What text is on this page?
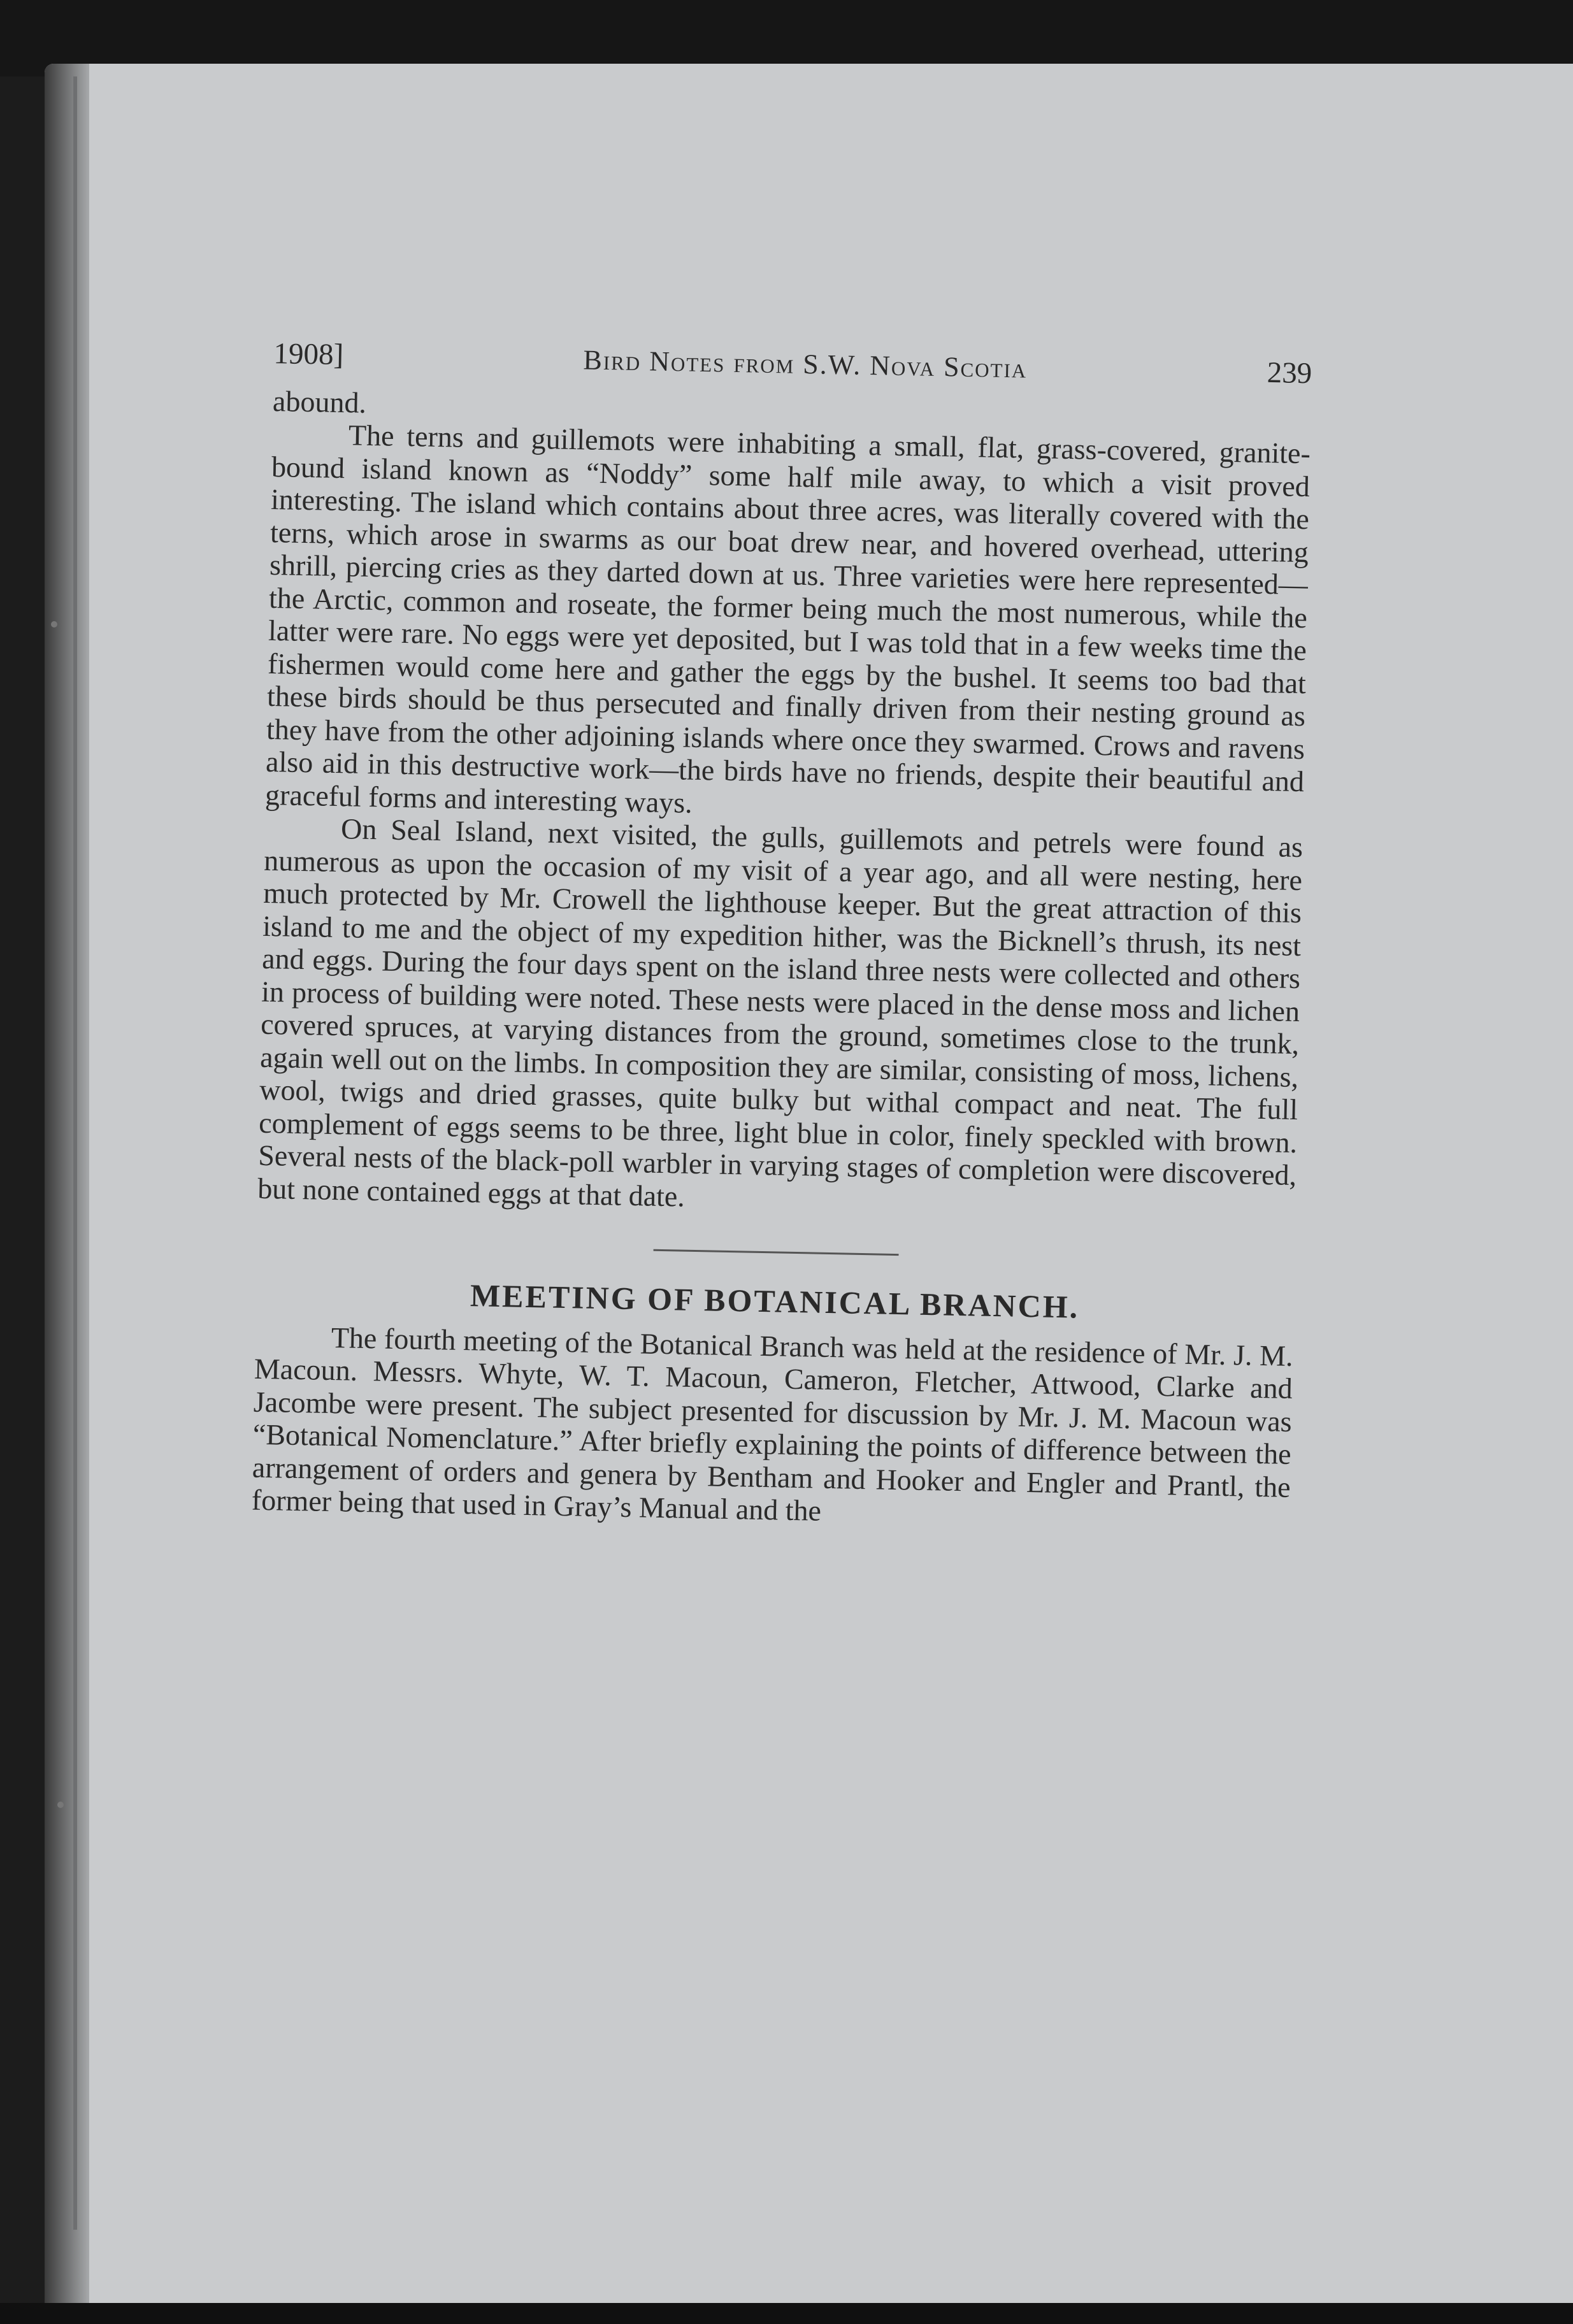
1908]	Bird Notes from S.W. Nova Scotia	239

abound.

The terns and guillemots were inhabiting a small, flat, grass-covered, granite-bound island known as “Noddy” some half mile away, to which a visit proved interesting. The island which contains about three acres, was literally covered with the terns, which arose in swarms as our boat drew near, and hovered overhead, uttering shrill, piercing cries as they darted down at us. Three varieties were here represented—the Arctic, common and roseate, the former being much the most numerous, while the latter were rare. No eggs were yet deposited, but I was told that in a few weeks time the fishermen would come here and gather the eggs by the bushel. It seems too bad that these birds should be thus persecuted and finally driven from their nesting ground as they have from the other adjoining islands where once they swarmed. Crows and ravens also aid in this destructive work—the birds have no friends, despite their beautiful and graceful forms and interesting ways.

On Seal Island, next visited, the gulls, guillemots and petrels were found as numerous as upon the occasion of my visit of a year ago, and all were nesting, here much protected by Mr. Crowell the lighthouse keeper. But the great attraction of this island to me and the object of my expedition hither, was the Bicknell’s thrush, its nest and eggs. During the four days spent on the island three nests were collected and others in process of building were noted. These nests were placed in the dense moss and lichen covered spruces, at varying distances from the ground, sometimes close to the trunk, again well out on the limbs. In composition they are similar, consisting of moss, lichens, wool, twigs and dried grasses, quite bulky but withal compact and neat. The full complement of eggs seems to be three, light blue in color, finely speckled with brown. Several nests of the black-poll warbler in varying stages of completion were discovered, but none contained eggs at that date.

MEETING OF BOTANICAL BRANCH.

The fourth meeting of the Botanical Branch was held at the residence of Mr. J. M. Macoun. Messrs. Whyte, W. T. Macoun, Cameron, Fletcher, Attwood, Clarke and Jacombe were present. The subject presented for discussion by Mr. J. M. Macoun was “Botanical Nomenclature.” After briefly explaining the points of difference between the arrangement of orders and genera by Bentham and Hooker and Engler and Prantl, the former being that used in Gray’s Manual and the
